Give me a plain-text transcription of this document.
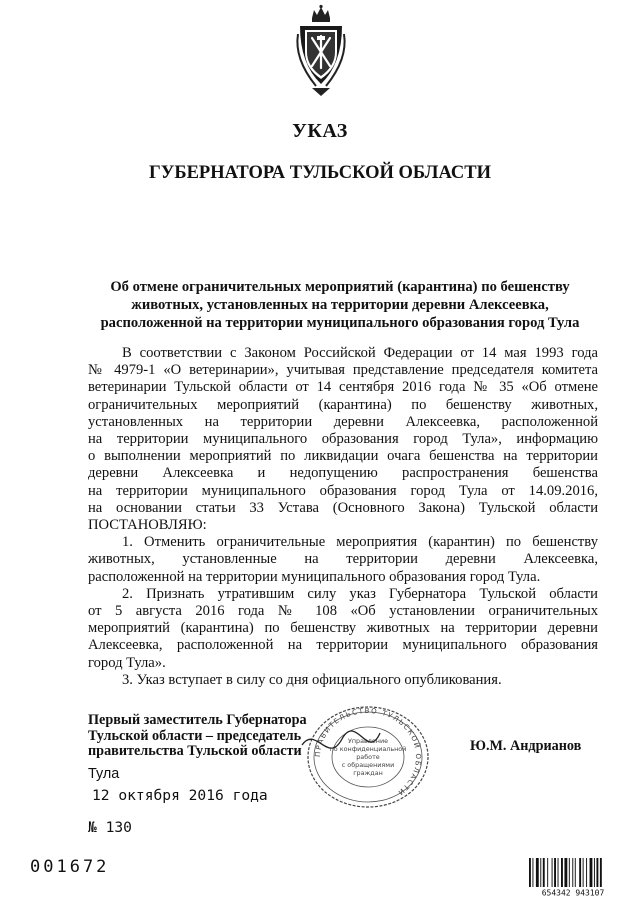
УКАЗ
ГУБЕРНАТОРА ТУЛЬСКОЙ ОБЛАСТИ
Об отмене ограничительных мероприятий (карантина) по бешенству
животных, установленных на территории деревни Алексеевка,
расположенной на территории муниципального образования город Тула
В соответствии с Законом Российской Федерации от 14 мая 1993 года
№ 4979-1 «О ветеринарии», учитывая представление председателя комитета
ветеринарии Тульской области от 14 сентября 2016 года № 35 «Об отмене
ограничительных мероприятий (карантина) по бешенству животных,
установленных на территории деревни Алексеевка, расположенной
на территории муниципального образования город Тула», информацию
о выполнении мероприятий по ликвидации очага бешенства на территории
деревни Алексеевка и недопущению распространения бешенства
на территории муниципального образования город Тула от 14.09.2016,
на основании статьи 33 Устава (Основного Закона) Тульской области
ПОСТАНОВЛЯЮ:
1. Отменить ограничительные мероприятия (карантин) по бешенству
животных, установленные на территории деревни Алексеевка,
расположенной на территории муниципального образования город Тула.
2. Признать утратившим силу указ Губернатора Тульской области
от 5 августа 2016 года № 108 «Об установлении ограничительных
мероприятий (карантина) по бешенству животных на территории деревни
Алексеевка, расположенной на территории муниципального образования
город Тула».
3. Указ вступает в силу со дня официального опубликования.
Первый заместитель Губернатора
Тульской области – председатель
правительства Тульской области	ПРАВИТЕЛЬСТВО ТУЛЬСКОЙ ОБЛАСТИ
Управление
по конфиденциальной
работе
с обращениями
граждан
Ю.М. Андрианов
Тула
12 октября 2016 года
№ 130
001672
654342 943107
